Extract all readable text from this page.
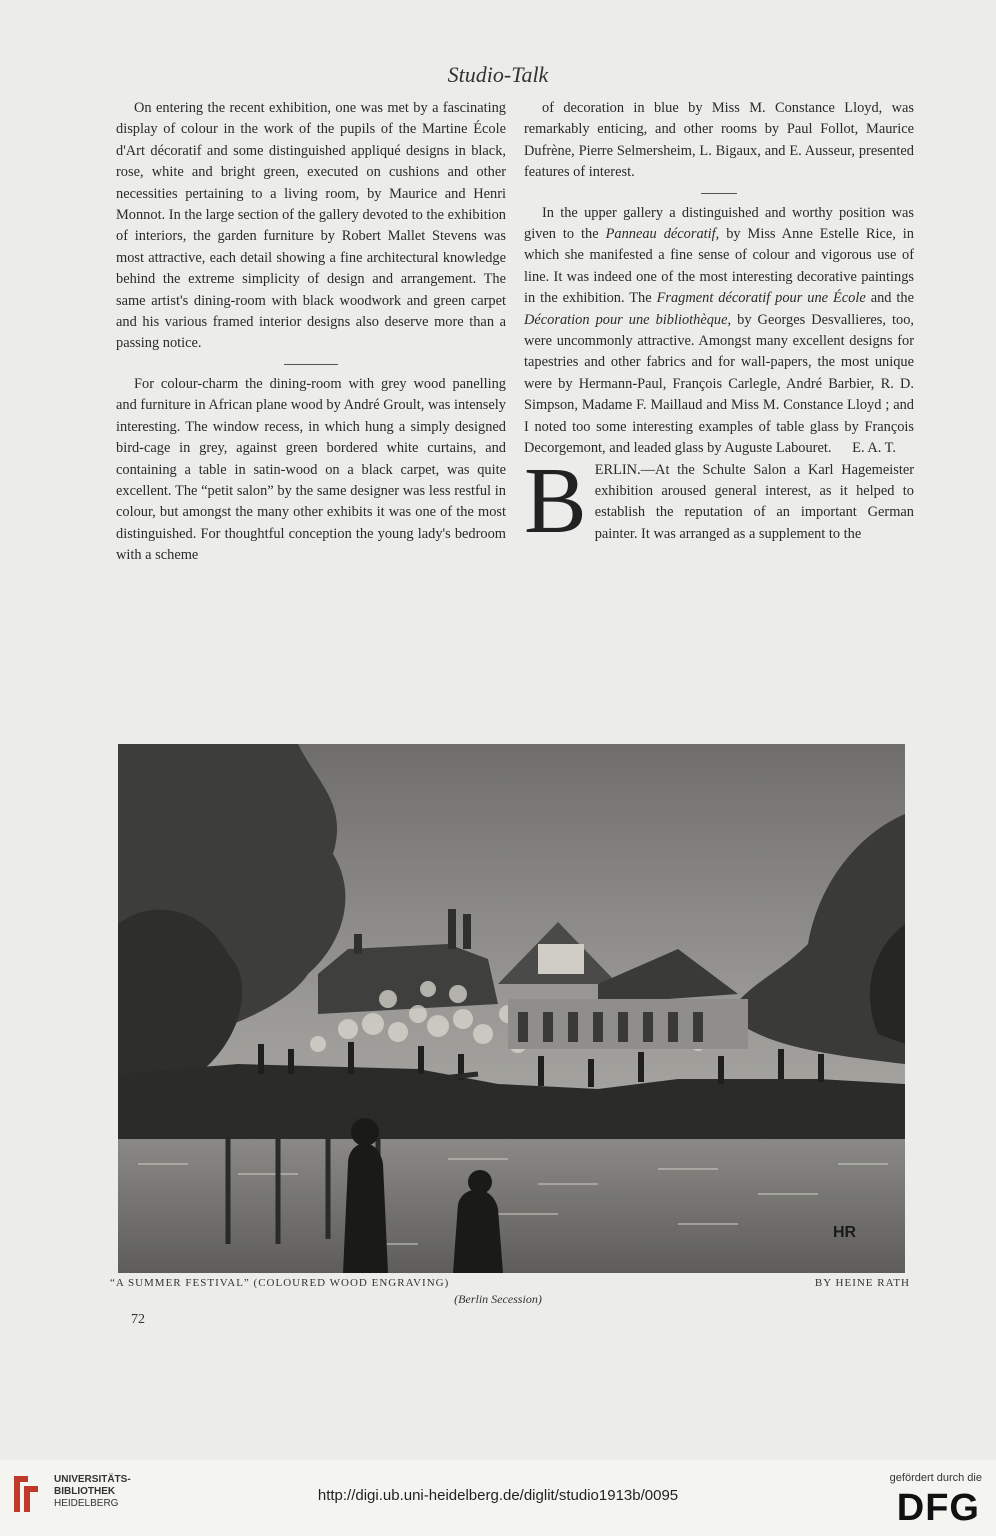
Studio-Talk

On entering the recent exhibition, one was met by a fascinating display of colour in the work of the pupils of the Martine École d'Art décoratif and some distinguished appliqué designs in black, rose, white and bright green, executed on cushions and other necessities pertaining to a living room, by Maurice and Henri Monnot. In the large section of the gallery devoted to the exhibition of interiors, the garden furniture by Robert Mallet Stevens was most attractive, each detail showing a fine architectural knowledge behind the extreme simplicity of design and arrangement. The same artist's dining-room with black woodwork and green carpet and his various framed interior designs also deserve more than a passing notice.

For colour-charm the dining-room with grey wood panelling and furniture in African plane wood by André Groult, was intensely interesting. The window recess, in which hung a simply designed bird-cage in grey, against green bordered white curtains, and containing a table in satin-wood on a black carpet, was quite excellent. The “petit salon” by the same designer was less restful in colour, but amongst the many other exhibits it was one of the most distinguished. For thoughtful conception the young lady's bedroom with a scheme

of decoration in blue by Miss M. Constance Lloyd, was remarkably enticing, and other rooms by Paul Follot, Maurice Dufrène, Pierre Selmersheim, L. Bigaux, and E. Ausseur, presented features of interest.

In the upper gallery a distinguished and worthy position was given to the Panneau décoratif, by Miss Anne Estelle Rice, in which she manifested a fine sense of colour and vigorous use of line. It was indeed one of the most interesting decorative paintings in the exhibition. The Fragment décoratif pour une École and the Décoration pour une bibliothèque, by Georges Desvallieres, too, were uncommonly attractive. Amongst many excellent designs for tapestries and other fabrics and for wall-papers, the most unique were by Hermann-Paul, François Carlegle, André Barbier, R. D. Simpson, Madame F. Maillaud and Miss M. Constance Lloyd ; and I noted too some interesting examples of table glass by François Decorgemont, and leaded glass by Auguste Labouret.	E. A. T.

B ERLIN.—At the Schulte Salon a Karl Hagemeister exhibition aroused general interest, as it helped to establish the reputation of an important German painter. It was arranged as a supplement to the

HR
“A SUMMER FESTIVAL” (COLOURED WOOD ENGRAVING)	BY HEINE RATH
(Berlin Secession)
72
UNIVERSITÄTS-
BIBLIOTHEK
HEIDELBERG	http://digi.ub.uni-heidelberg.de/diglit/studio1913b/0095
gefördert durch die
DFG
